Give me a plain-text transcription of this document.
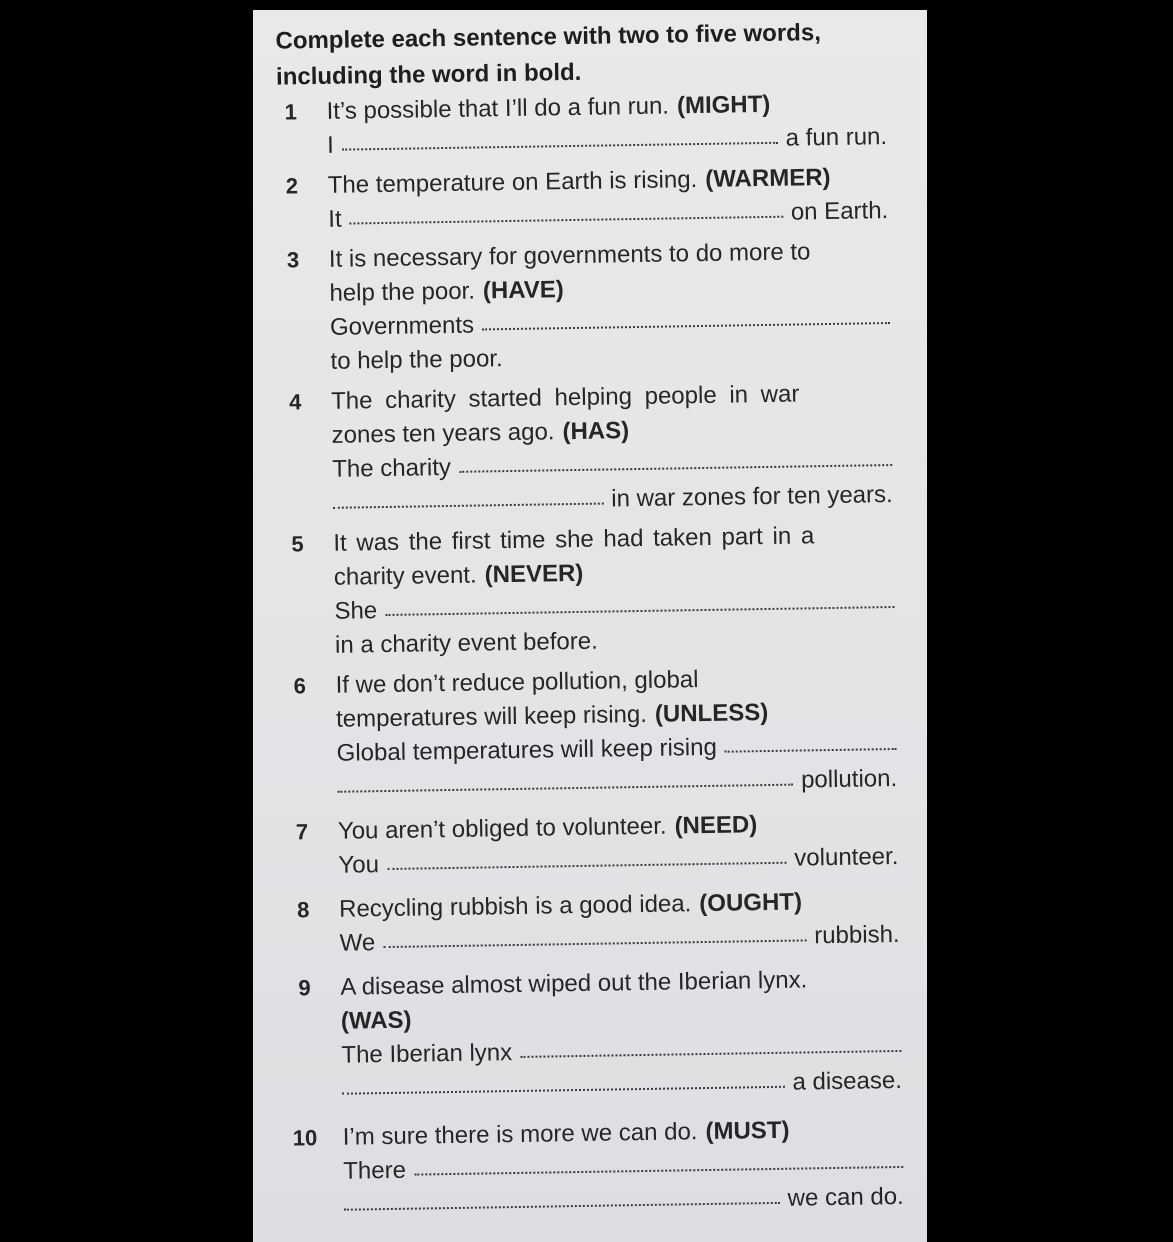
Complete each sentence with two to five words, including the word in bold.
1	It’s possible that I’ll do a fun run. (MIGHT)
I	a fun run.
2	The temperature on Earth is rising. (WARMER)
It	on Earth.
3	It is necessary for governments to do more to
help the poor. (HAVE)
Governments
to help the poor.
4	The charity started helping people in war
zones ten years ago. (HAS)
The charity
in war zones for ten years.
5	It was the first time she had taken part in a
charity event. (NEVER)
She
in a charity event before.
6	If we don’t reduce pollution, global
temperatures will keep rising. (UNLESS)
Global temperatures will keep rising
pollution.
7	You aren’t obliged to volunteer. (NEED)
You	volunteer.
8	Recycling rubbish is a good idea. (OUGHT)
We	rubbish.
9	A disease almost wiped out the Iberian lynx.
(WAS)
The Iberian lynx
a disease.
10	I’m sure there is more we can do. (MUST)
There
we can do.
